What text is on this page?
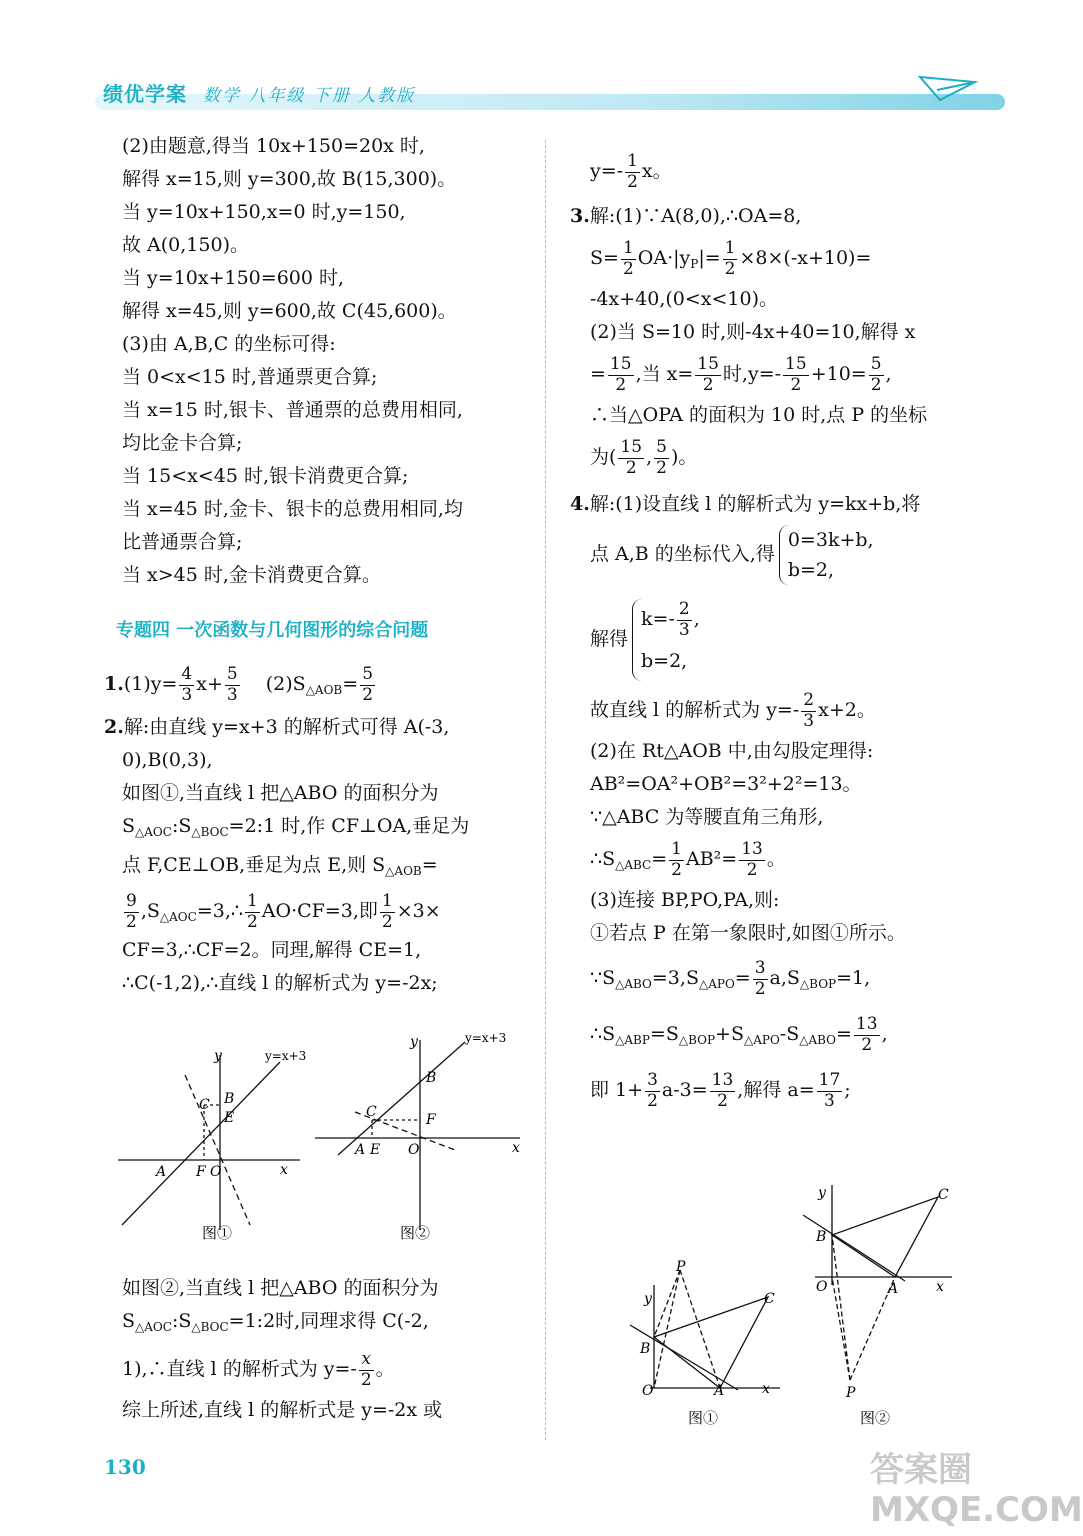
绩优学案 数学 八年级 下册 人教版
(2)由题意,得当 10x+150=20x 时,
解得 x=15,则 y=300,故 B(15,300)。
当 y=10x+150,x=0 时,y=150,
故 A(0,150)。
当 y=10x+150=600 时,
解得 x=45,则 y=600,故 C(45,600)。
(3)由 A,B,C 的坐标可得:
当 0<x<15 时,普通票更合算;
当 x=15 时,银卡、普通票的总费用相同,
均比金卡合算;
当 15<x<45 时,银卡消费更合算;
当 x=45 时,金卡、银卡的总费用相同,均
比普通票合算;
当 x>45 时,金卡消费更合算。
专题四 一次函数与几何图形的综合问题
$1.(1)y= \frac{4}{3} x+ \frac{5}{3} (2)S_{\triangle AOB}= \frac{5}{2}$
2.解:由直线 y=x+3 的解析式可得 A(-3,
0),B(0,3),
如图①,当直线 l 把△ABO 的面积分为
$S_{\triangle AOC}:S_{\triangle BOC}=2:1$ 时,作 CF⊥OA,垂足为
点 F,CE⊥OB,垂足为点 E,则 $S_{\triangle AOB}=$
$\frac{9}{2}$ $,S_{\triangle AOC}=3,\therefore \frac{1}{2} AO\cdot CF=3$,即 $\frac{1}{2} \times 3\times$
CF=3,∴CF=2。同理,解得 CE=1,
∴C(-1,2),∴直线 l 的解析式为 y=-2x;
y
x
y=x+3
C B
E
A F O
图①
y
x
y=x+3
B
C	F
A E O
图②
如图②,当直线 l 把△ABO 的面积分为
$S_{\triangle AOC}:S_{\triangle BOC}=1:2$时,同理求得 C(-2,
1),∴直线 l 的解析式为 $y=- \frac{x}{2}$ 。
综上所述,直线 l 的解析式是 y=-2x 或
$y=- \frac{1}{2}$ x。
3.解:(1)∵A(8,0),∴OA=8,
$S= \frac{1}{2} OA\cdot|y_P|= \frac{1}{2} \times 8\times(-x+10)=$
-4x+40,(0<x<10)。
(2)当 S=10 时,则-4x+40=10,解得 x
= $\frac{15}{2}$ ,当 $x= \frac{15}{2}$ 时$,y=- \frac{15}{2} +10= \frac{5}{2}$ ,
∴当△OPA 的面积为 10 时,点 P 的坐标
为( $\frac{15}{2}$ , $\frac{5}{2}$ )。
4.解:(1)设直线 l 的解析式为 y=kx+b,将
点 A,B 的坐标代入,得
0=3k+b,
b=2,
解得
$k=- \frac{2}{3}$ ,
b=2,
故直线 l 的解析式为 $y=- \frac{2}{3} x+2$。
(2)在 Rt△AOB 中,由勾股定理得:
AB²=OA²+OB²=3²+2²=13。
∵△ABC 为等腰直角三角形,
$\therefore S_{\triangle ABC}= \frac{1}{2} AB^2= \frac{13}{2}$ 。
(3)连接 BP,PO,PA,则:
①若点 P 在第一象限时,如图①所示。
$\because S_{\triangle ABO}=3,S_{\triangle APO}= \frac{3}{2} a,S_{\triangle BOP}=1$,
$\therefore S_{\triangle ABP}=S_{\triangle BOP}+S_{\triangle APO}-S_{\triangle ABO}= \frac{13}{2}$ ,
即 $1+ \frac{3}{2} a-3= \frac{13}{2}$ ,解得 $a= \frac{17}{3}$ ;
y
x
P
C
B
O	A
图①
y
x
C
B
O	A
P
图②
130	答案圈 MXQE.COM
